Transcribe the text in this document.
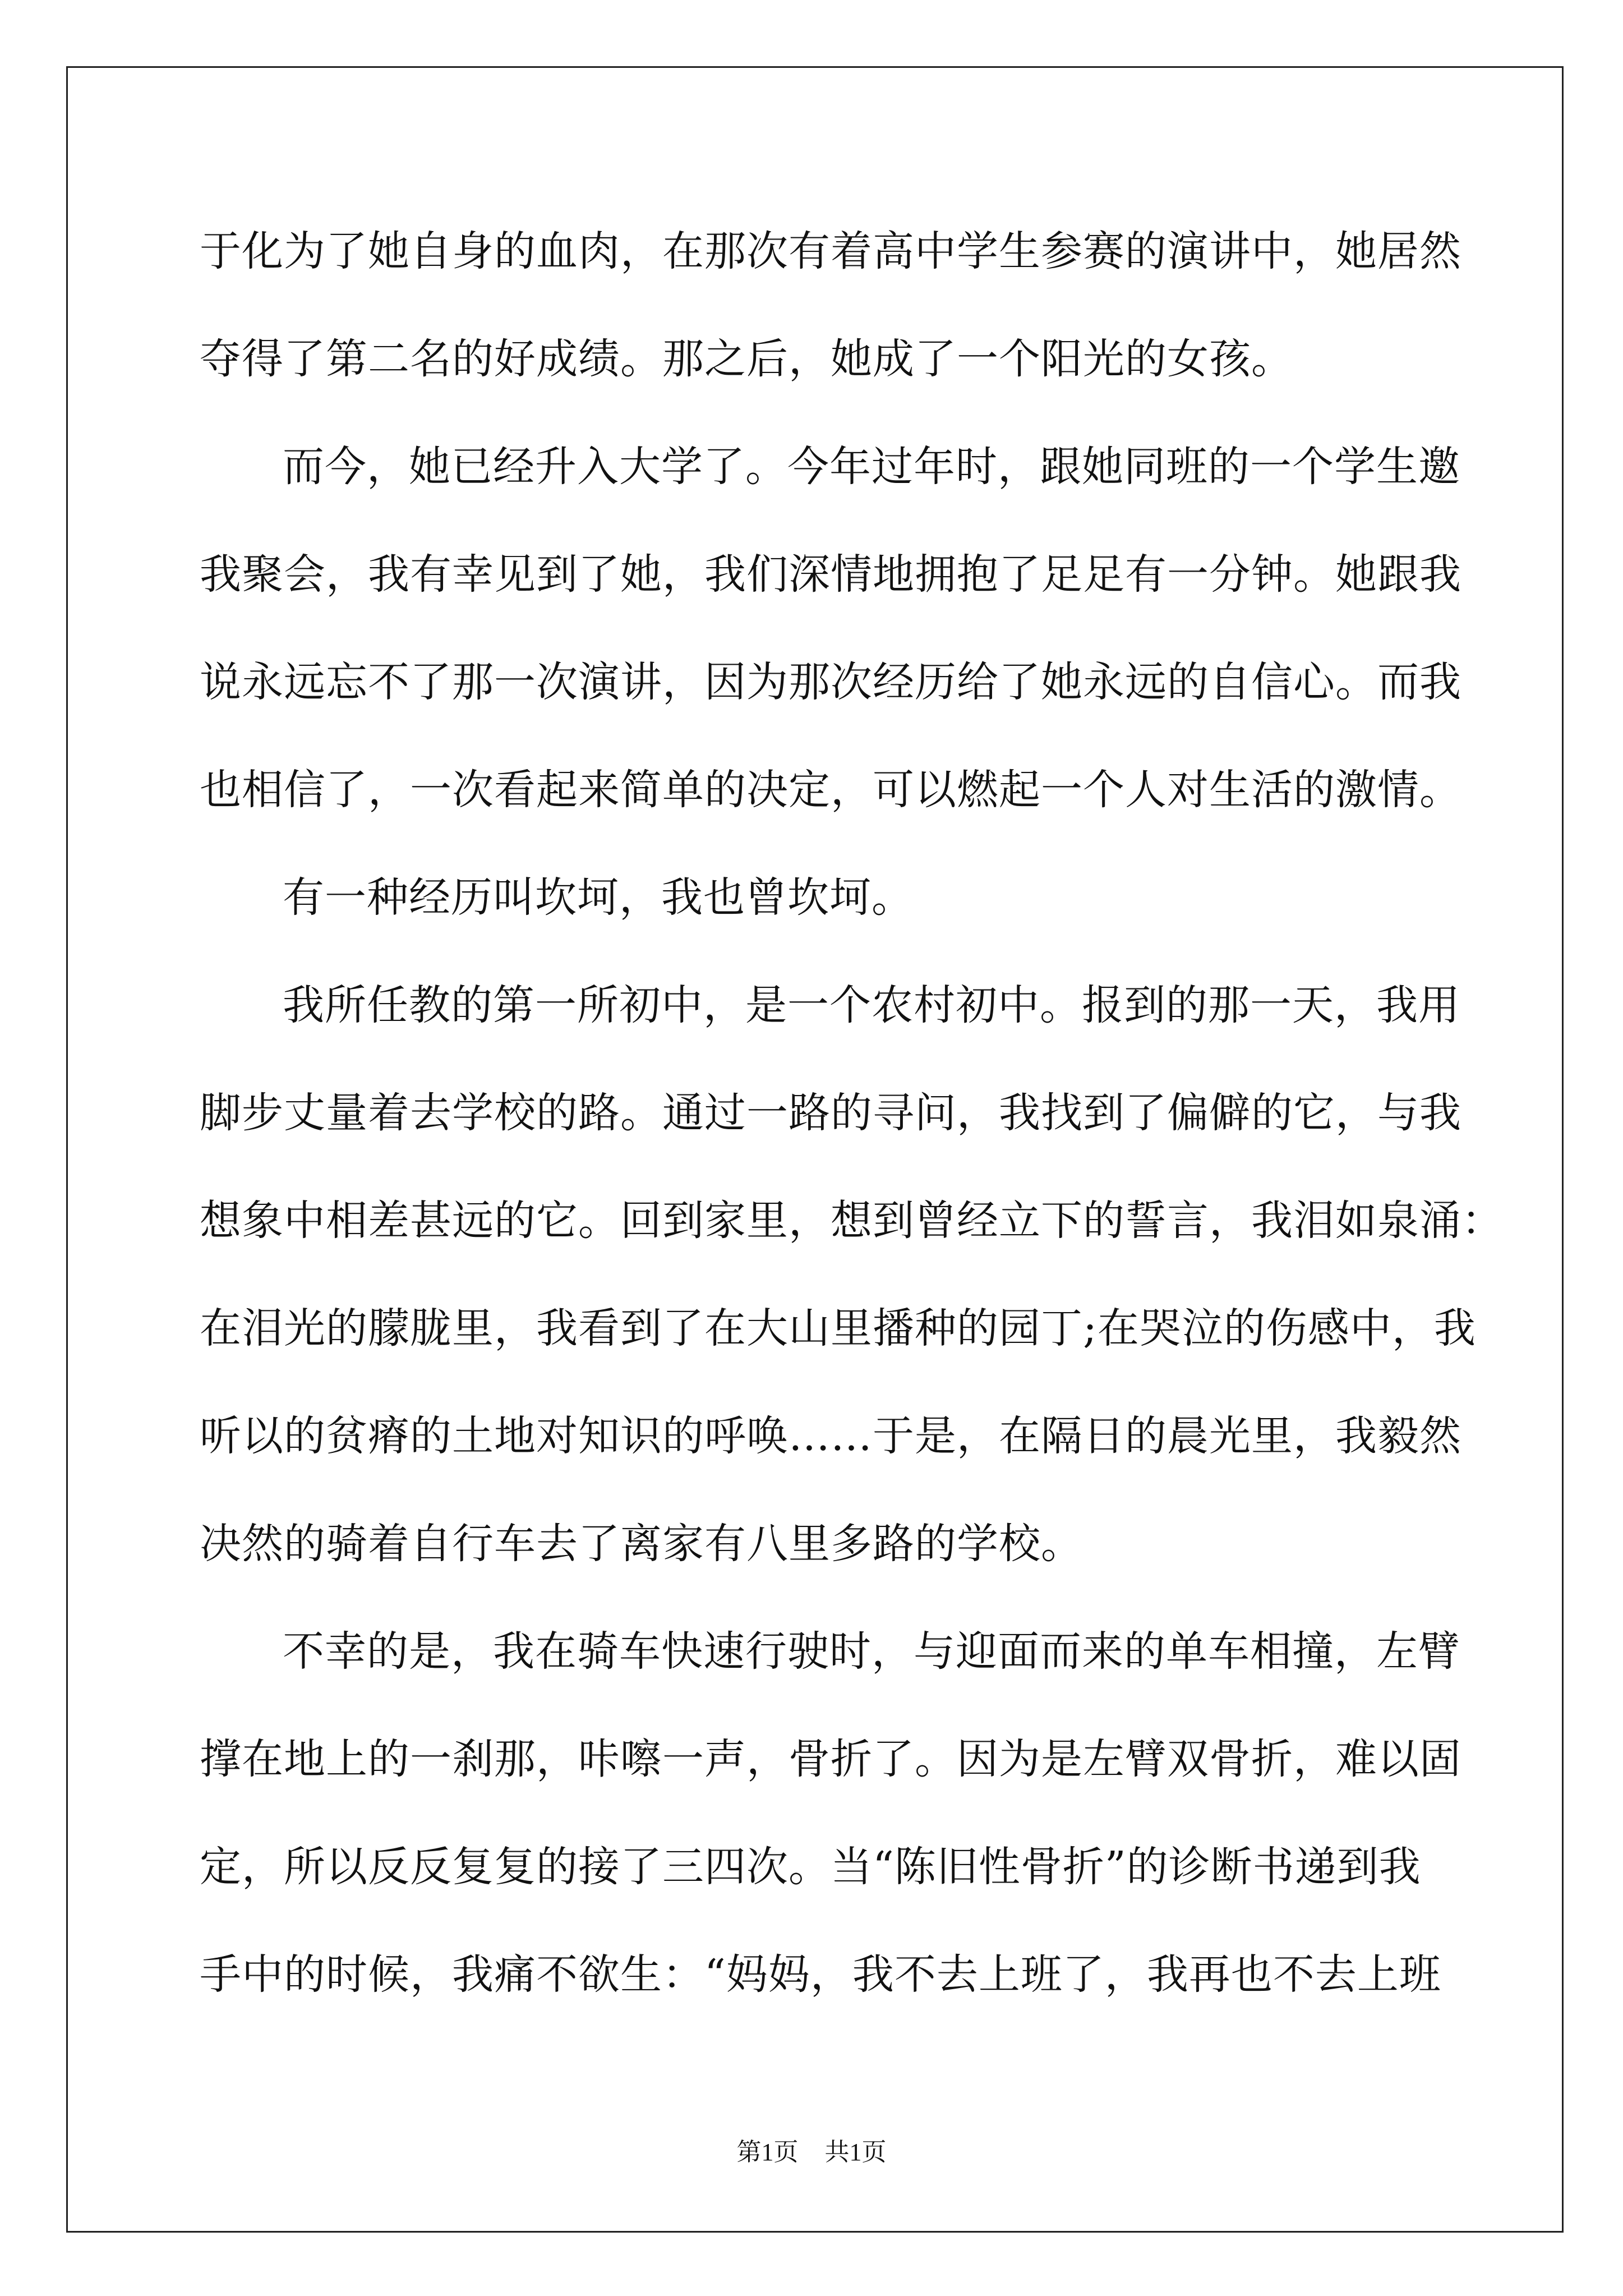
于化为了她自身的血肉，在那次有着高中学生参赛的演讲中，她居然
夺得了第二名的好成绩。那之后，她成了一个阳光的女孩。
而今，她已经升入大学了。今年过年时，跟她同班的一个学生邀
我聚会，我有幸见到了她，我们深情地拥抱了足足有一分钟。她跟我
说永远忘不了那一次演讲，因为那次经历给了她永远的自信心。而我
也相信了，一次看起来简单的决定，可以燃起一个人对生活的激情。
有一种经历叫坎坷，我也曾坎坷。
我所任教的第一所初中，是一个农村初中。报到的那一天，我用
脚步丈量着去学校的路。通过一路的寻问，我找到了偏僻的它，与我
想象中相差甚远的它。回到家里，想到曾经立下的誓言，我泪如泉涌：
在泪光的朦胧里，我看到了在大山里播种的园丁;在哭泣的伤感中，我
听以的贫瘠的土地对知识的呼唤……于是，在隔日的晨光里，我毅然
决然的骑着自行车去了离家有八里多路的学校。
不幸的是，我在骑车快速行驶时，与迎面而来的单车相撞，左臂
撑在地上的一刹那，咔嚓一声，骨折了。因为是左臂双骨折，难以固
定，所以反反复复的接了三四次。当“陈旧性骨折”的诊断书递到我
手中的时候，我痛不欲生：“妈妈，我不去上班了，我再也不去上班
第1页 共1页
